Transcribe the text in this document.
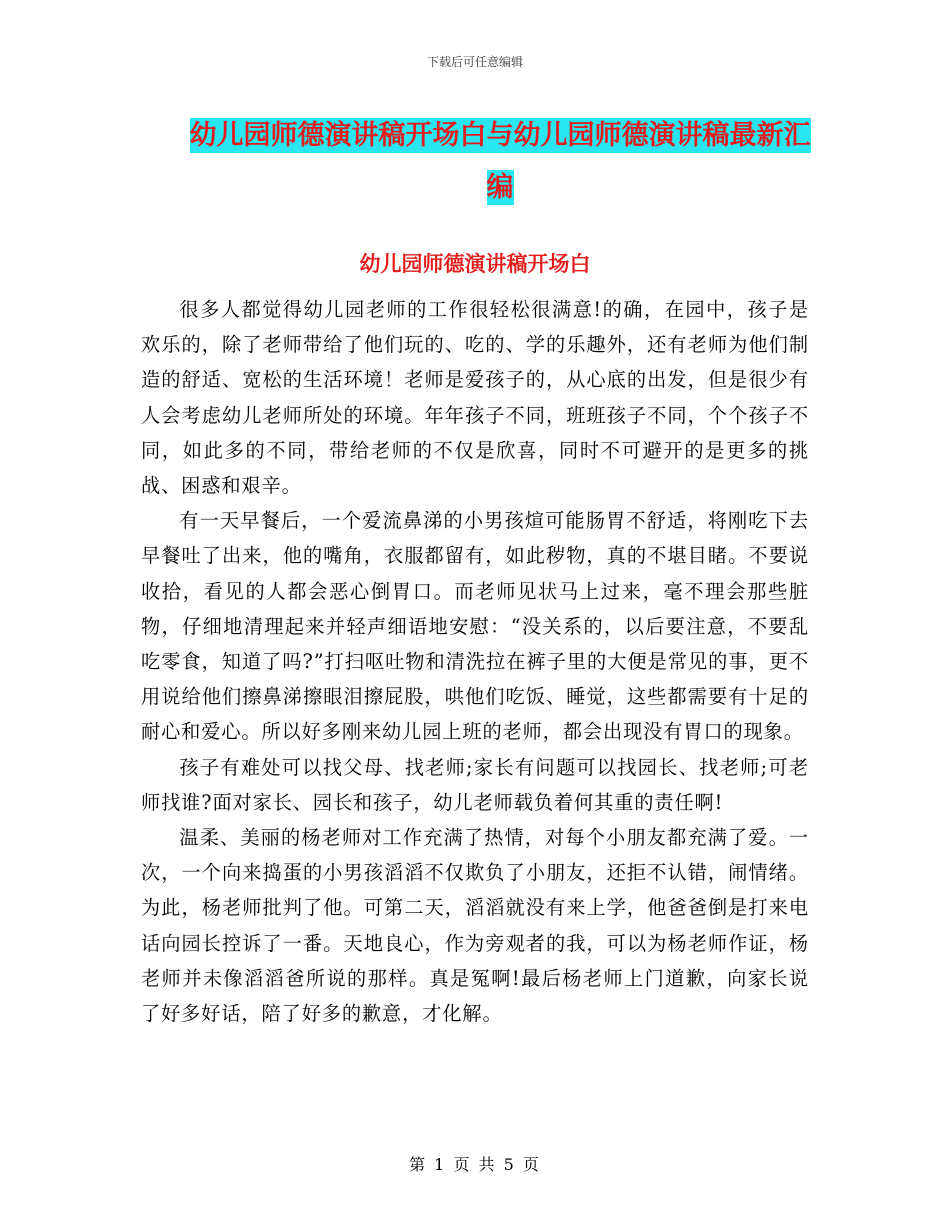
下载后可任意编辑
幼儿园师德演讲稿开场白与幼儿园师德演讲稿最新汇编
幼儿园师德演讲稿开场白

很多人都觉得幼儿园老师的工作很轻松很满意!的确，在园中，孩子是欢乐的，除了老师带给了他们玩的、吃的、学的乐趣外，还有老师为他们制造的舒适、宽松的生活环境！老师是爱孩子的，从心底的出发，但是很少有人会考虑幼儿老师所处的环境。年年孩子不同，班班孩子不同，个个孩子不同，如此多的不同，带给老师的不仅是欣喜，同时不可避开的是更多的挑战、困惑和艰辛。

有一天早餐后，一个爱流鼻涕的小男孩煊可能肠胃不舒适，将刚吃下去早餐吐了出来，他的嘴角，衣服都留有，如此秽物，真的不堪目睹。不要说收拾，看见的人都会恶心倒胃口。而老师见状马上过来，毫不理会那些脏物，仔细地清理起来并轻声细语地安慰：“没关系的，以后要注意，不要乱吃零食，知道了吗?”打扫呕吐物和清洗拉在裤子里的大便是常见的事，更不用说给他们擦鼻涕擦眼泪擦屁股，哄他们吃饭、睡觉，这些都需要有十足的耐心和爱心。所以好多刚来幼儿园上班的老师，都会出现没有胃口的现象。

孩子有难处可以找父母、找老师;家长有问题可以找园长、找老师;可老师找谁?面对家长、园长和孩子，幼儿老师载负着何其重的责任啊!

温柔、美丽的杨老师对工作充满了热情，对每个小朋友都充满了爱。一次，一个向来捣蛋的小男孩滔滔不仅欺负了小朋友，还拒不认错，闹情绪。为此，杨老师批判了他。可第二天，滔滔就没有来上学，他爸爸倒是打来电话向园长控诉了一番。天地良心，作为旁观者的我，可以为杨老师作证，杨老师并未像滔滔爸所说的那样。真是冤啊!最后杨老师上门道歉，向家长说了好多好话，陪了好多的歉意，才化解。

第 1 页 共 5 页
